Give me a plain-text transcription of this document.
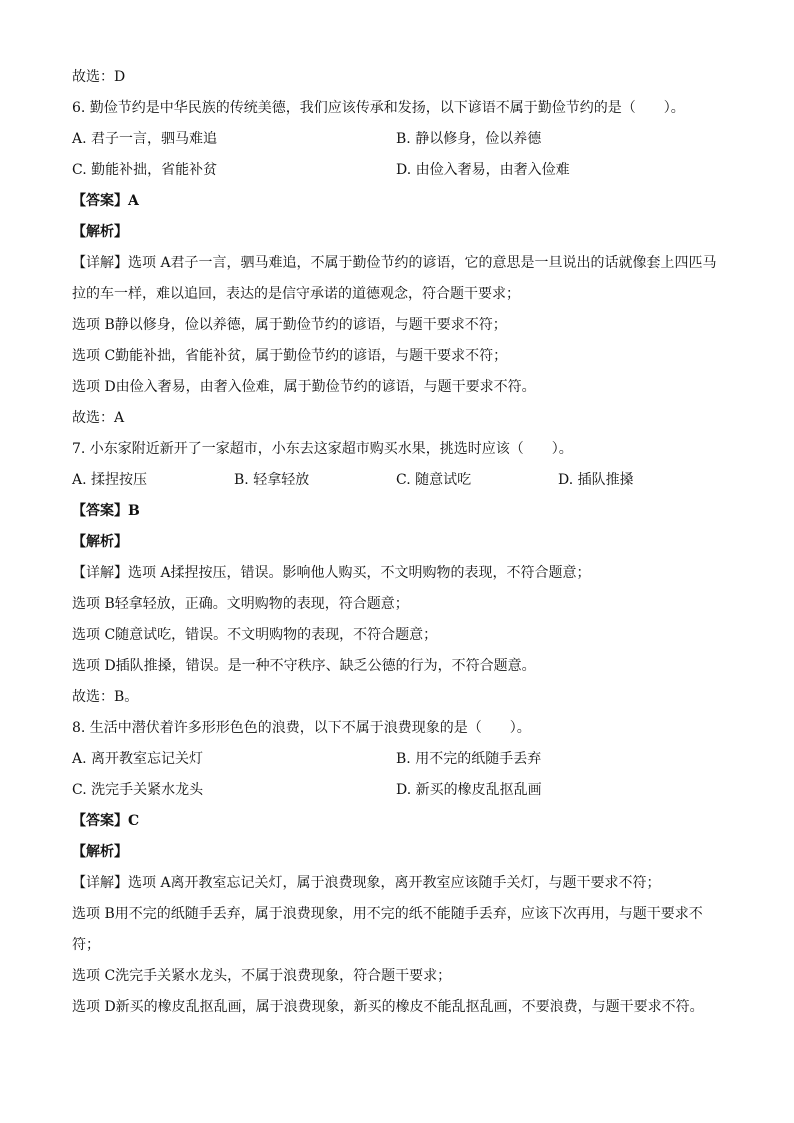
故选：D
6. 勤俭节约是中华民族的传统美德，我们应该传承和发扬，以下谚语不属于勤俭节约的是（　　）。
A. 君子一言，驷马难追	B. 静以修身，俭以养德
C. 勤能补拙，省能补贫	D. 由俭入奢易，由奢入俭难
【答案】A
【解析】
【详解】选项 A君子一言，驷马难追，不属于勤俭节约的谚语，它的意思是一旦说出的话就像套上四匹马
拉的车一样，难以追回，表达的是信守承诺的道德观念，符合题干要求；
选项 B静以修身，俭以养德，属于勤俭节约的谚语，与题干要求不符；
选项 C勤能补拙，省能补贫，属于勤俭节约的谚语，与题干要求不符；
选项 D由俭入奢易，由奢入俭难，属于勤俭节约的谚语，与题干要求不符。
故选：A
7. 小东家附近新开了一家超市，小东去这家超市购买水果，挑选时应该（　　）。
A. 揉捏按压	B. 轻拿轻放	C. 随意试吃	D. 插队推搡
【答案】B
【解析】
【详解】选项 A揉捏按压，错误。影响他人购买，不文明购物的表现，不符合题意；
选项 B轻拿轻放，正确。文明购物的表现，符合题意；
选项 C随意试吃，错误。不文明购物的表现，不符合题意；
选项 D插队推搡，错误。是一种不守秩序、缺乏公德的行为，不符合题意。
故选：B。
8. 生活中潜伏着许多形形色色的浪费，以下不属于浪费现象的是（　　）。
A. 离开教室忘记关灯	B. 用不完的纸随手丢弃
C. 洗完手关紧水龙头	D. 新买的橡皮乱抠乱画
【答案】C
【解析】
【详解】选项 A离开教室忘记关灯，属于浪费现象，离开教室应该随手关灯，与题干要求不符；
选项 B用不完的纸随手丢弃，属于浪费现象，用不完的纸不能随手丢弃，应该下次再用，与题干要求不
符；
选项 C洗完手关紧水龙头，不属于浪费现象，符合题干要求；
选项 D新买的橡皮乱抠乱画，属于浪费现象，新买的橡皮不能乱抠乱画，不要浪费，与题干要求不符。
